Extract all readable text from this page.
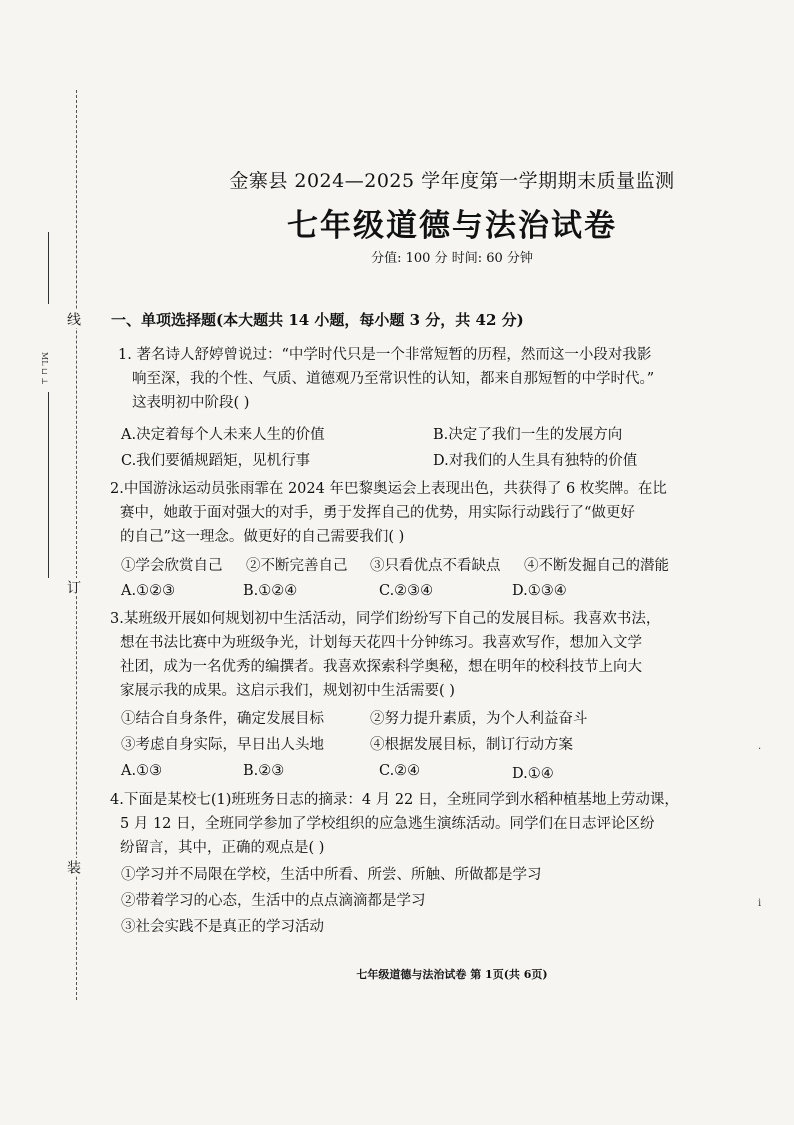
ML ⊔ ⊥
线
订
装
金寨县 2024—2025 学年度第一学期期末质量监测
七年级道德与法治试卷
分值: 100 分 时间: 60 分钟
一、单项选择题(本大题共 14 小题，每小题 3 分，共 42 分)
1. 著名诗人舒婷曾说过：“中学时代只是一个非常短暂的历程，然而这一小段对我影
响至深，我的个性、气质、道德观乃至常识性的认知，都来自那短暂的中学时代。”
这表明初中阶段( )
A.决定着每个人未来人生的价值	B.决定了我们一生的发展方向
C.我们要循规蹈矩，见机行事	D.对我们的人生具有独特的价值
2.中国游泳运动员张雨霏在 2024 年巴黎奥运会上表现出色，共获得了 6 枚奖牌。在比
赛中，她敢于面对强大的对手，勇于发挥自己的优势，用实际行动践行了“做更好
的自己”这一理念。做更好的自己需要我们( )
①学会欣赏自己 ②不断完善自己 ③只看优点不看缺点 ④不断发掘自己的潜能
A.①②③	B.①②④	C.②③④	D.①③④
3.某班级开展如何规划初中生活活动，同学们纷纷写下自己的发展目标。我喜欢书法，
想在书法比赛中为班级争光，计划每天花四十分钟练习。我喜欢写作，想加入文学
社团，成为一名优秀的编撰者。我喜欢探索科学奥秘，想在明年的校科技节上向大
家展示我的成果。这启示我们，规划初中生活需要( )
①结合自身条件，确定发展目标	②努力提升素质，为个人利益奋斗
③考虑自身实际，早日出人头地	④根据发展目标，制订行动方案
A.①③	B.②③	C.②④	D.①④
4.下面是某校七(1)班班务日志的摘录：4 月 22 日，全班同学到水稻种植基地上劳动课，
5 月 12 日，全班同学参加了学校组织的应急逃生演练活动。同学们在日志评论区纷
纷留言，其中，正确的观点是( )
①学习并不局限在学校，生活中所看、所尝、所触、所做都是学习
②带着学习的心态，生活中的点点滴滴都是学习
③社会实践不是真正的学习活动
·
i
七年级道德与法治试卷 第 1页(共 6页)
